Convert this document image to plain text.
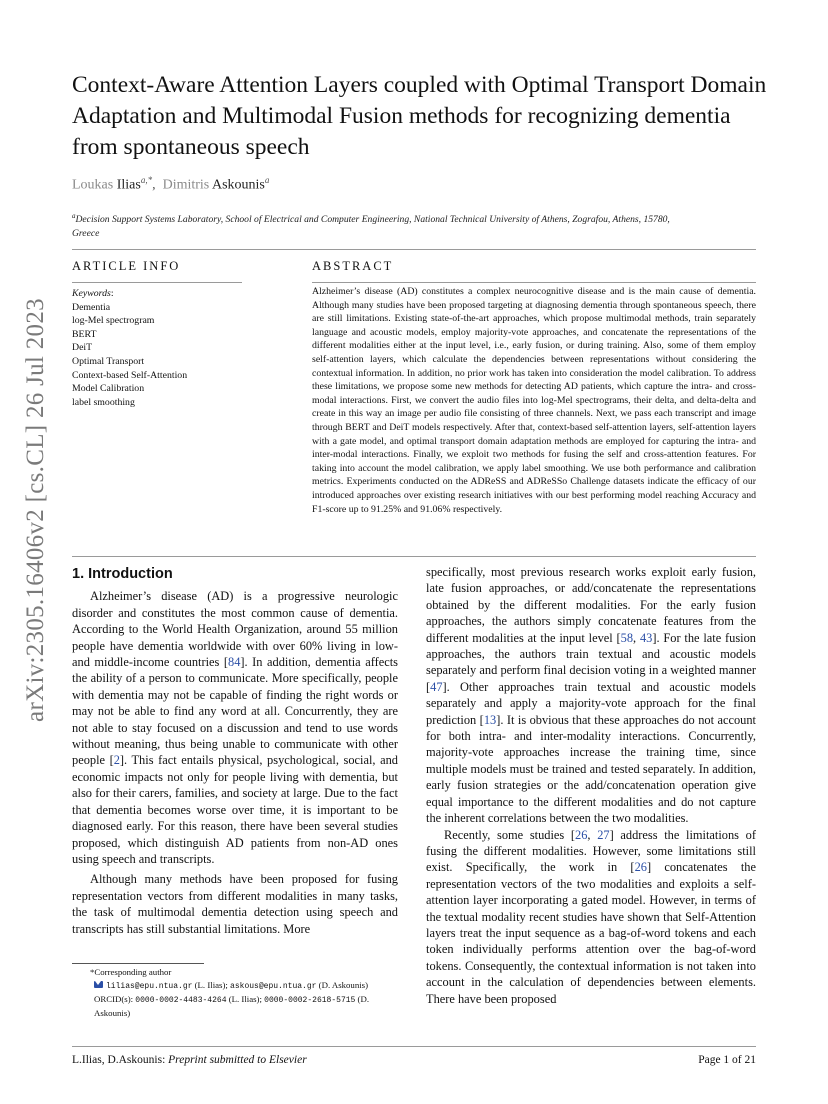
arXiv:2305.16406v2 [cs.CL] 26 Jul 2023
Context-Aware Attention Layers coupled with Optimal Transport Domain Adaptation and Multimodal Fusion methods for recognizing dementia from spontaneous speech
Loukas Ilias$^{a,*}$,  Dimitris Askounis$^a$
$^a$Decision Support Systems Laboratory, School of Electrical and Computer Engineering, National Technical University of Athens, Zografou, Athens, 15780, Greece
ARTICLE INFO
Keywords:
Dementia
log-Mel spectrogram
BERT
DeiT
Optimal Transport
Context-based Self-Attention
Model Calibration
label smoothing
ABSTRACT
Alzheimer’s disease (AD) constitutes a complex neurocognitive disease and is the main cause of dementia. Although many studies have been proposed targeting at diagnosing dementia through spontaneous speech, there are still limitations. Existing state-of-the-art approaches, which propose multimodal methods, train separately language and acoustic models, employ majority-vote approaches, and concatenate the representations of the different modalities either at the input level, i.e., early fusion, or during training. Also, some of them employ self-attention layers, which calculate the dependencies between representations without considering the contextual information. In addition, no prior work has taken into consideration the model calibration. To address these limitations, we propose some new methods for detecting AD patients, which capture the intra- and cross-modal interactions. First, we convert the audio files into log-Mel spectrograms, their delta, and delta-delta and create in this way an image per audio file consisting of three channels. Next, we pass each transcript and image through BERT and DeiT models respectively. After that, context-based self-attention layers, self-attention layers with a gate model, and optimal transport domain adaptation methods are employed for capturing the intra- and inter-modal interactions. Finally, we exploit two methods for fusing the self and cross-attention features. For taking into account the model calibration, we apply label smoothing. We use both performance and calibration metrics. Experiments conducted on the ADReSS and ADReSSo Challenge datasets indicate the efficacy of our introduced approaches over existing research initiatives with our best performing model reaching Accuracy and F1-score up to 91.25% and 91.06% respectively.
1. Introduction

Alzheimer’s disease (AD) is a progressive neurologic disorder and constitutes the most common cause of dementia. According to the World Health Organization, around 55 million people have dementia worldwide with over 60% living in low- and middle-income countries [84]. In addition, dementia affects the ability of a person to communicate. More specifically, people with dementia may not be capable of finding the right words or may not be able to find any word at all. Concurrently, they are not able to stay focused on a discussion and tend to use words without meaning, thus being unable to communicate with other people [2]. This fact entails physical, psychological, social, and economic impacts not only for people living with dementia, but also for their carers, families, and society at large. Due to the fact that dementia becomes worse over time, it is important to be diagnosed early. For this reason, there have been several studies proposed, which distinguish AD patients from non-AD ones using speech and transcripts.

Although many methods have been proposed for fusing representation vectors from different modalities in many tasks, the task of multimodal dementia detection using speech and transcripts has still substantial limitations. More

specifically, most previous research works exploit early fusion, late fusion approaches, or add/concatenate the representations obtained by the different modalities. For the early fusion approaches, the authors simply concatenate features from the different modalities at the input level [58, 43]. For the late fusion approaches, the authors train textual and acoustic models separately and perform final decision voting in a weighted manner [47]. Other approaches train textual and acoustic models separately and apply a majority-vote approach for the final prediction [13]. It is obvious that these approaches do not account for both intra- and inter-modality interactions. Concurrently, majority-vote approaches increase the training time, since multiple models must be trained and tested separately. In addition, early fusion strategies or the add/concatenation operation give equal importance to the different modalities and do not capture the inherent correlations between the two modalities.

Recently, some studies [26, 27] address the limitations of fusing the different modalities. However, some limitations still exist. Specifically, the work in [26] concatenates the representation vectors of the two modalities and exploits a self-attention layer incorporating a gated model. However, in terms of the textual modality recent studies have shown that Self-Attention layers treat the input sequence as a bag-of-word tokens and each token individually performs attention over the bag-of-word tokens. Consequently, the contextual information is not taken into account in the calculation of dependencies between elements. There have been proposed

*Corresponding author
lilias@epu.ntua.gr (L. Ilias); askous@epu.ntua.gr (D. Askounis)
ORCID(s): 0000-0002-4483-4264 (L. Ilias); 0000-0002-2618-5715 (D. Askounis)
L.Ilias, D.Askounis: Preprint submitted to Elsevier	Page 1 of 21
